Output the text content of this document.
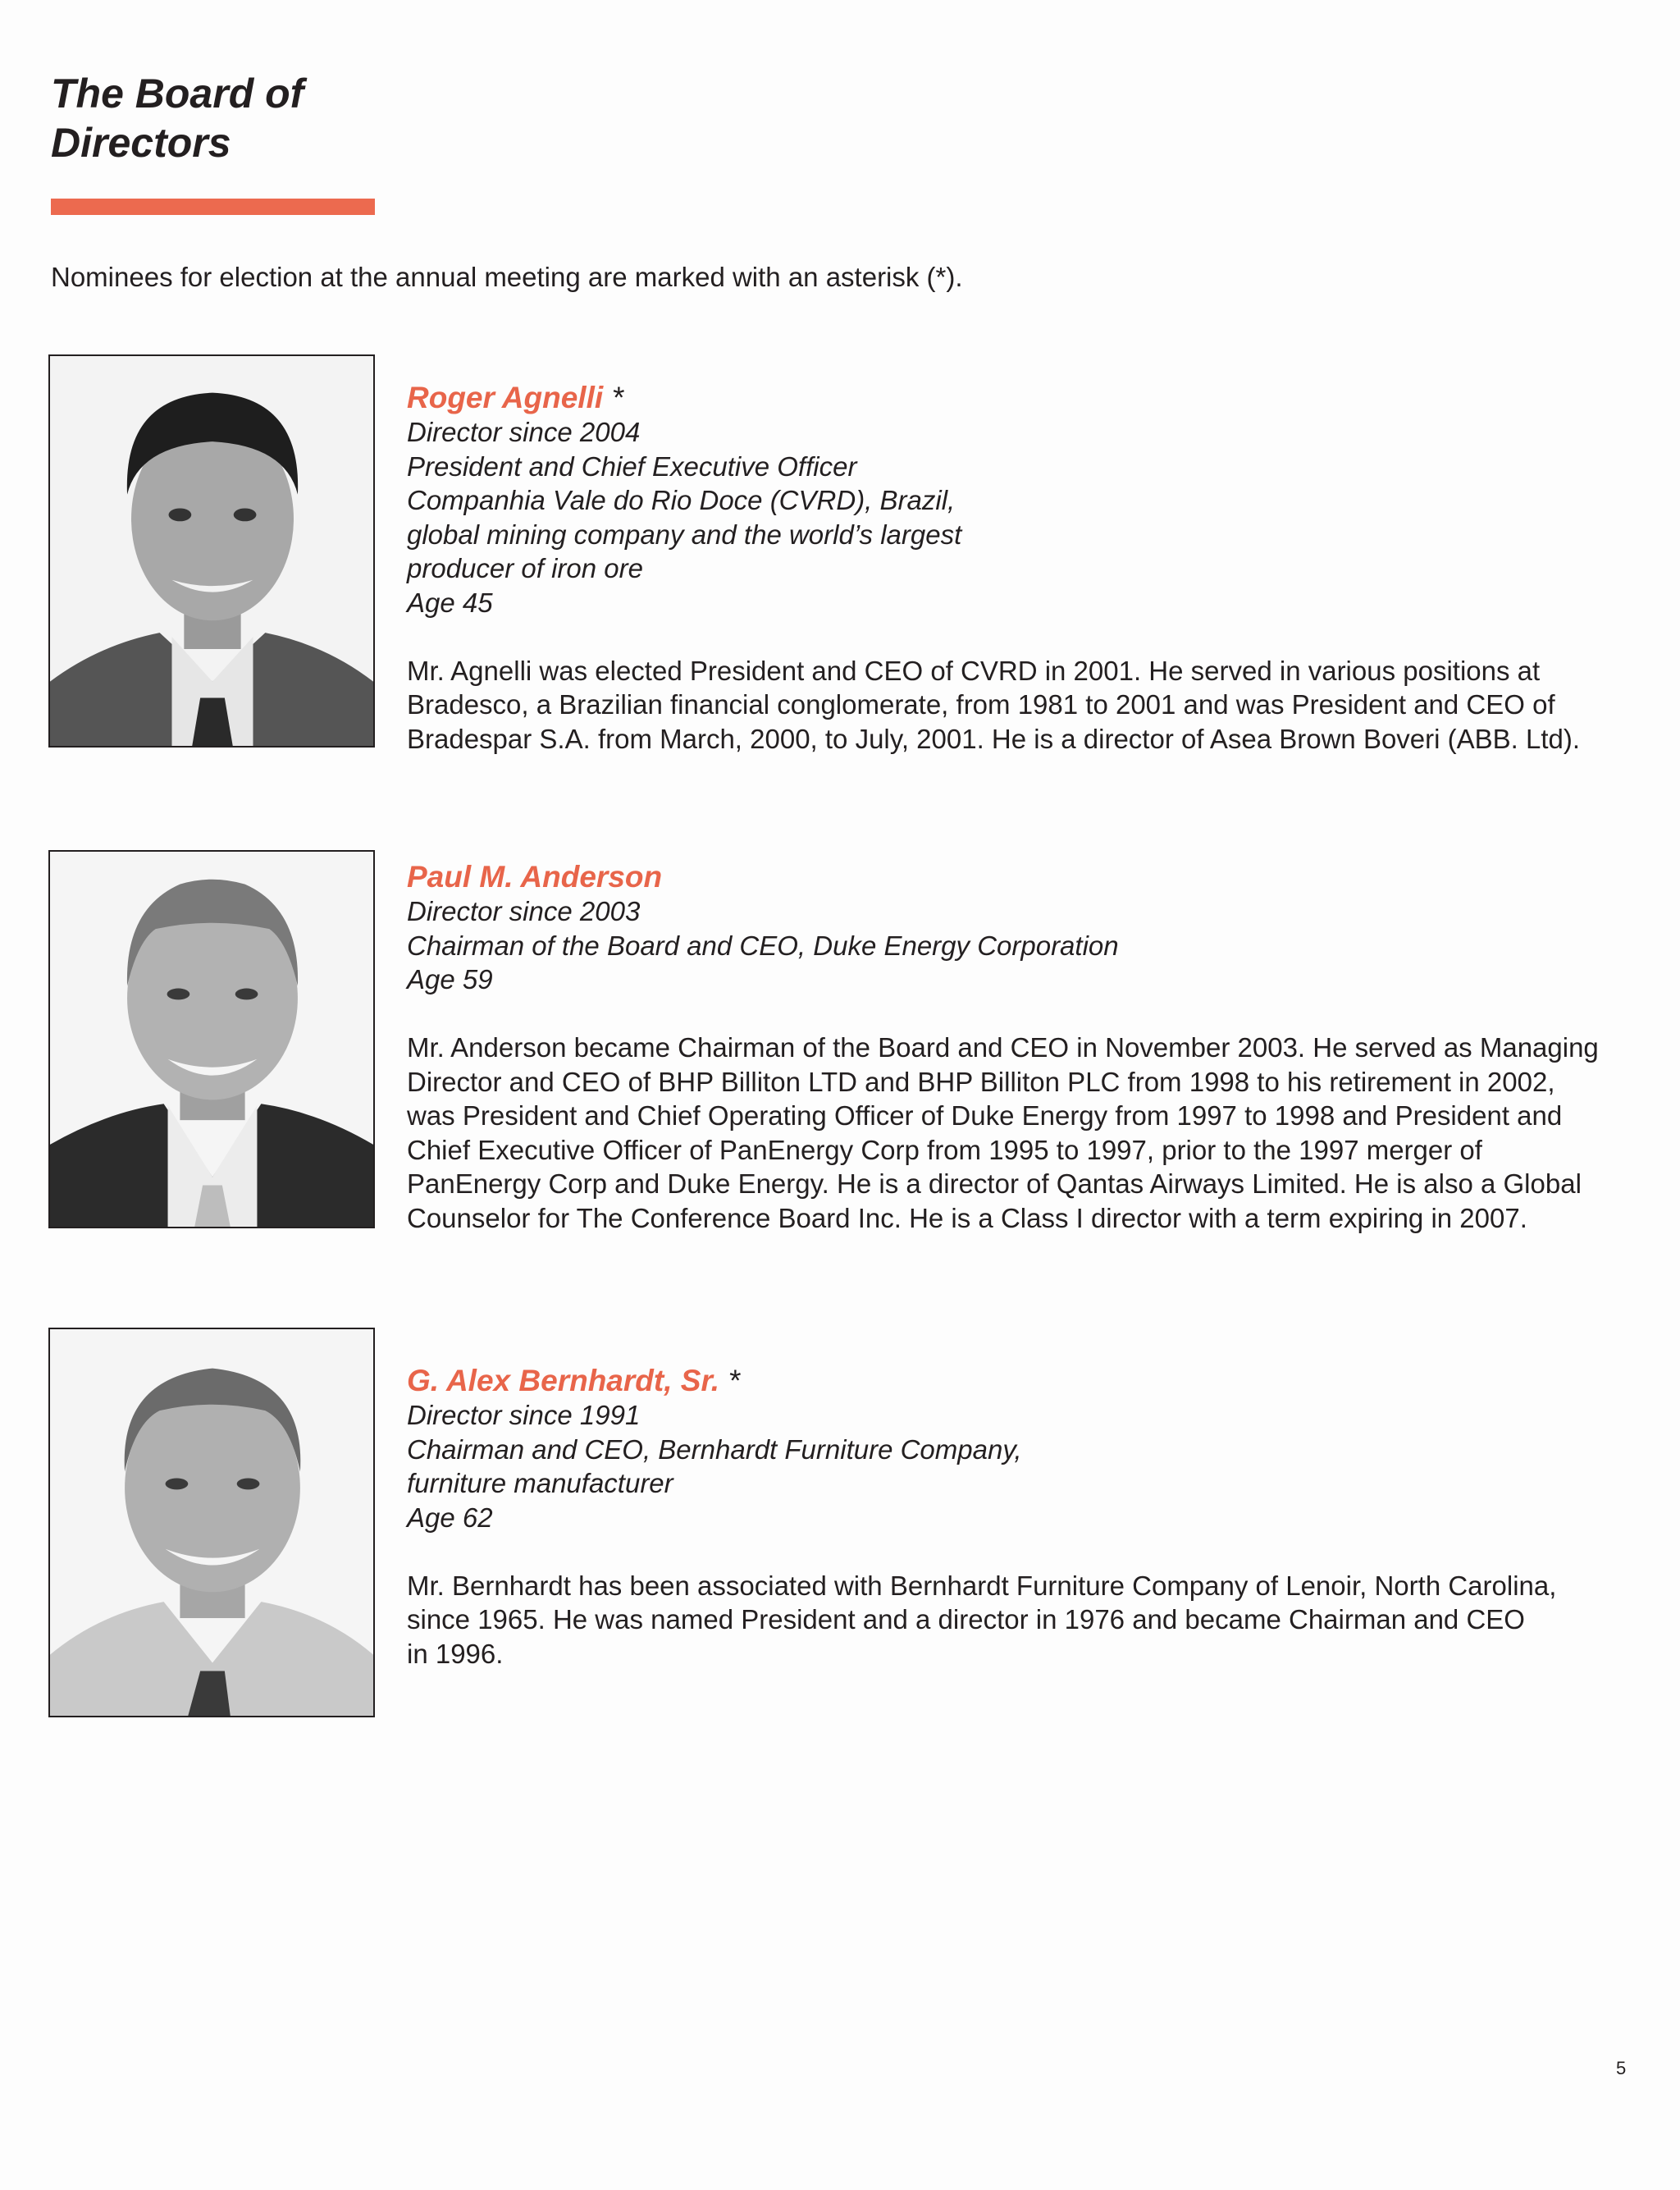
The Board of
Directors

Nominees for election at the annual meeting are marked with an asterisk (*).

Roger Agnelli *

Director since 2004
President and Chief Executive Officer
Companhia Vale do Rio Doce (CVRD), Brazil,
global mining company and the world’s largest
producer of iron ore
Age 45
Mr. Agnelli was elected President and CEO of CVRD in 2001. He served in various positions at
Bradesco, a Brazilian financial conglomerate, from 1981 to 2001 and was President and CEO of
Bradespar S.A. from March, 2000, to July, 2001. He is a director of Asea Brown Boveri (ABB. Ltd).

Paul M. Anderson

Director since 2003
Chairman of the Board and CEO, Duke Energy Corporation
Age 59
Mr. Anderson became Chairman of the Board and CEO in November 2003. He served as Managing
Director and CEO of BHP Billiton LTD and BHP Billiton PLC from 1998 to his retirement in 2002,
was President and Chief Operating Officer of Duke Energy from 1997 to 1998 and President and
Chief Executive Officer of PanEnergy Corp from 1995 to 1997, prior to the 1997 merger of
PanEnergy Corp and Duke Energy. He is a director of Qantas Airways Limited. He is also a Global
Counselor for The Conference Board Inc. He is a Class I director with a term expiring in 2007.

G. Alex Bernhardt, Sr. *

Director since 1991
Chairman and CEO, Bernhardt Furniture Company,
furniture manufacturer
Age 62
Mr. Bernhardt has been associated with Bernhardt Furniture Company of Lenoir, North Carolina,
since 1965. He was named President and a director in 1976 and became Chairman and CEO
in 1996.
5
